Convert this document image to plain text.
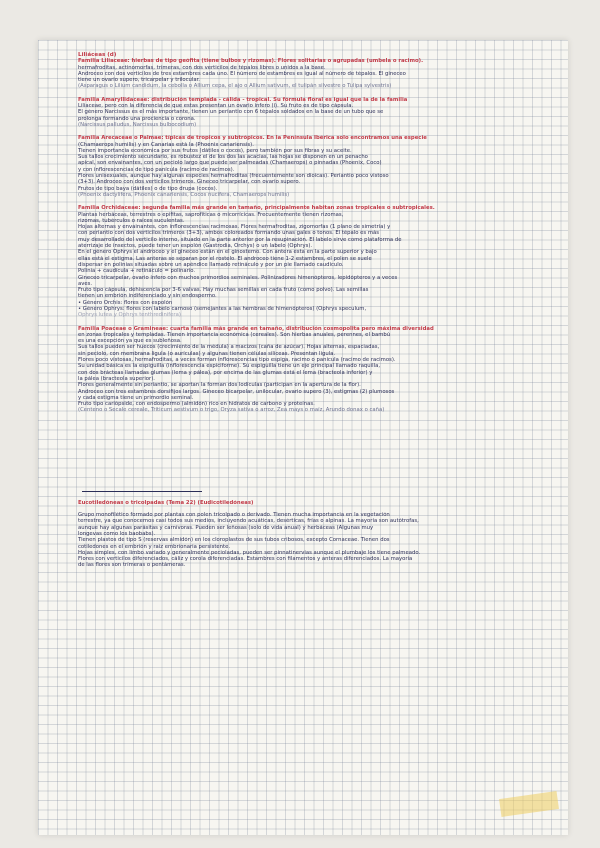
Liliáceas (d)

Familia Liliaceae: hierbas de tipo geófita (tiene bulbos y rizomas). Flores solitarias o agrupadas (umbela o racimo).

hermafroditas, actinomorfas, trímeras, con dos verticilos de tépalos libres o unidos a la base.

Androceo con dos verticilos de tres estambres cada uno. El número de estambres es igual al número de tépalos. El gineceo

tiene un ovario supero, tricarpelar y trilocular.

(Asparagus o Lilium candidum, la cebolla o Allium cepa, el ajo o Allium sativum, el tulipán silvestre o Tulipa sylvestris)

Familia Amaryllidaceae: distribución templada - cálida - tropical. Su fórmula floral es igual que la de la familia

Liliaceae, pero con la diferencia de que estas presentan un ovario ínfero (i). Su fruto es de tipo cápsula.

El género Narcissus es el más importante, tienen un periantio con 6 tépalos soldados en la base de un tubo que se

prolonga formando una prociencia o corona.

(Narcissus palludus, Narcissus bulbocodium)

Familia Arecaceae o Palmae: típicas de tropicos y subtrópicos. En la Península Ibérica solo encontramos una especie

(Chamaerops humilis) y en Canarias está la (Phoenix canariensis).

Tienen importancia económica por sus frutos (dátiles o cocos), pero también por sus fibras y su aceite.

Sus tallos crecimiento secundario, es robustez el de los dos las acacias, las hojas se disponen en un penacho

apical, son envainantes, con un peciolo largo que puede ser palmeadas (Chamaerops) o pinnadas (Phoenix, Coco)

y con inflorescencias de tipo panícula (racimo de racimos).

Flores unisexuales, aunque hay algunas especies hermafroditas (frecuentemente son dioicas). Periantio poco vistoso

(3+3). Androceo con dos verticilos trímeros. Gineceo tricarpelar, con ovario supero.

Frutos de tipo baya (dátiles) o de tipo drupa (cocos).

(Phoenix dactylifera, Phoenix canariensis, Cocos nucifera, Chamaerops humilis)

Familia Orchidaceae: segunda familia más grande en tamaño, principalmente habitan zonas tropicales o subtropicales.

Plantas herbáceas, terrestres o epífitas, saprofíticas o micorrícicas. Frecuentemente tienen rizomas,

rizomas, tubérculos o raíces suculentas.

Hojas alternas y envainantes, con inflorescencias racimosas. Flores hermafroditas, zigomorfas (1 plano de simetría) y

con periantio con dos verticilos trímeros (3+3), ambos coloreados formando unas gales o tonos. El tépalo es más

muy desarrollado del verticilo interno, situado en la parte anterior por la resupinación. El labelo sirve como plataforma de

aterrizaje de insectos, puede tener un espolón (Gastrodia, Orchys) o un labelo (Ophrys).

En el género Ophrys el androceo y el gineceo están en el ginostemo. Con antera esta en la parte superior y bajo

ellas está el estigma. Las anteras se separan por el rostelo. El androceo tiene 1-2 estambres, el polen se suele

dispersar en polinias situadas sobre un apéndice llamado retináculo y por un pie llamado caudículo.

Polinia + caudícula + retináculo = polinario.

Gineceo tricarpelar, ovario ínfero con muchos primordios seminales. Polinizadores himenópteros, lepidópteros y a veces

aves.

Fruto tipo cápsula, dehiscencia por 3-6 valvas. Hay muchas semillas en cada fruto (como polvo). Las semillas

tienen un embrión indiferenciado y sin endospermo.

• Género Orchis: flores con espolón

• Género Ophrys: flores con labelo carnoso (semejantes a las hembras de himenópteros) (Ophrys speculum,

Ophrys lutea y Ophrys tenthredinifera)

Familia Poaceae o Gramineae: cuarta familia más grande en tamaño, distribución cosmopolita pero máxima diversidad

en zonas tropicales y templadas. Tienen importancia económica (cereales). Son hierbas anuales, perennes, el bambú

es una excepción ya que es subleñosa.

Sus tallos pueden ser huecos (crecimiento de la médula) a macizos (caña de azúcar). Hojas alternas, espaciadas,

sin peciolo, con membrana lígula (o aurículas) y algunas tienen células silíceas. Presentan lígula.

Flores poco vistosas, hermafroditas, a veces forman inflorescencias tipo espiga, racimo o panícula (racimo de racimos).

Su unidad básica es la espiguilla (inflorescencia espiciforme). Su espiguilla tiene un eje principal llamado raquilla,

con dos brácteas llamadas glumas (lema y pálea), por encima de las glumas está el lema (bracteola inferior) y

la pálea (bracteola superior).

Flores generalmente sin periantio, se aportan la forman dos lodículas (participan en la apertura de la flor).

Androceo con tres estambres dorsifijos largos. Gineceo bicarpelar, unilocular, ovario supero (3), estigmas (2) plumosos

y cada estigma tiene un primordio seminal.

Fruto tipo cariópside, con endospermo (almidón) rico en hidratos de carbono y proteínas.

(Centeno o Secale cereale, Triticum aestivum o trigo, Oryza sativa o arroz, Zea mays o maíz, Arundo donax o caña)

Eucotiledóneas o tricolpadas (Tema 22) (Eudicotiledóneas)

Grupo monofilético formado por plantas con polen tricolpado o derivado. Tienen mucha importancia en la vegetación

terrestre, ya que conocemos casi todos sus medios, incluyendo acuáticas, desérticas, frías o alpinas. La mayoría son autótrofas,

aunque hay algunas parásitas y carnívoras. Pueden ser leñosas (solo de vida anual) y herbáceas (Algunas muy

longevas como los baobabs).

Tienen plastos de tipo S (reservas almidón) en los cloroplastos de sus tubos cribosos, excepto Cornaceae. Tienen dos

cotiledones en el embrión y raíz embrionaria persistente.

Hojas simples, con limbo variado y generalmente pecioladas, pueden ser pinnatinervias aunque el plumbaje los tiene palmeado.

Flores con verticilos diferenciados, cáliz y corola diferenciadas. Estambres con filamentos y anteras diferenciados. La mayoría

de las flores son trímeras o pentámeras.
